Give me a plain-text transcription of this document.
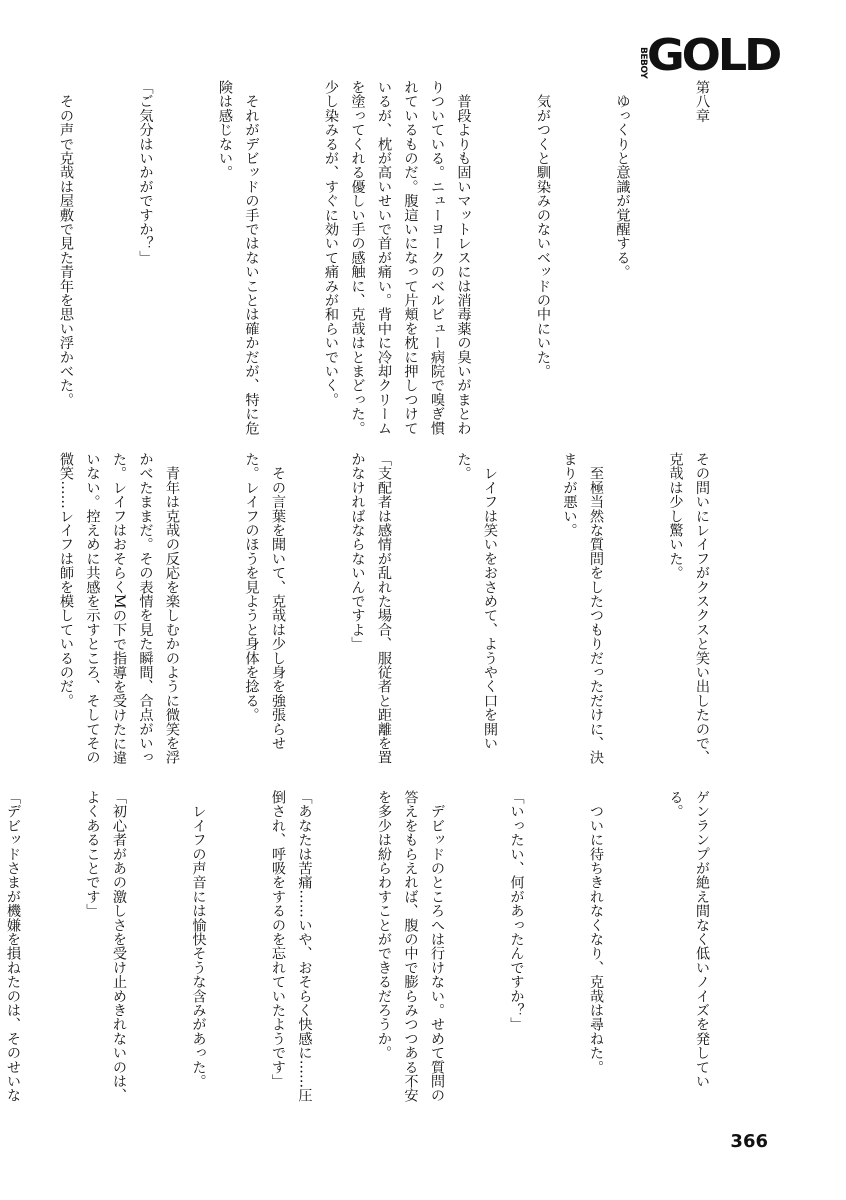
BEBOY
GOLD

第八章

　ゆっくりと意識が覚醒する。

　気がつくと馴染みのないベッドの中にいた。

　普段よりも固いマットレスには消毒薬の臭いがまとわりついている。ニューヨークのベルビュー病院で嗅ぎ慣れているものだ。腹這いになって片頬を枕に押しつけているが、枕が高いせいで首が痛い。背中に冷却クリームを塗ってくれる優しい手の感触に、克哉はとまどった。少し染みるが、すぐに効いて痛みが和らいでいく。

　それがデビッドの手ではないことは確かだが、特に危険は感じない。

「ご気分はいかがですか？」

　その声で克哉は屋敷で見た青年を思い浮かべた。

その問いにレイフがクスクスと笑い出したので、克哉は少し驚いた。

　至極当然な質問をしたつもりだっただけに、決まりが悪い。

　レイフは笑いをおさめて、ようやく口を開いた。

「支配者は感情が乱れた場合、服従者と距離を置かなければならないんですよ」

　その言葉を聞いて、克哉は少し身を強張らせた。レイフのほうを見ようと身体を捻る。

　青年は克哉の反応を楽しむかのように微笑を浮かべたままだ。その表情を見た瞬間、合点がいった。レイフはおそらくMの下で指導を受けたに違いない。控えめに共感を示すところ、そしてその微笑……レイフは師を模しているのだ。

ゲンランプが絶え間なく低いノイズを発している。

　ついに待ちきれなくなり、克哉は尋ねた。

「いったい、何があったんですか？」

　デビッドのところへは行けない。せめて質問の答えをもらえれば、腹の中で膨らみつつある不安を多少は紛らわすことができるだろうか。

「あなたは苦痛……いや、おそらく快感に……圧倒され、呼吸をするのを忘れていたようです」

　レイフの声音には愉快そうな含みがあった。

「初心者があの激しさを受け止めきれないのは、よくあることです」

「デビッドさまが機嫌を損ねたのは、そのせいな

366
